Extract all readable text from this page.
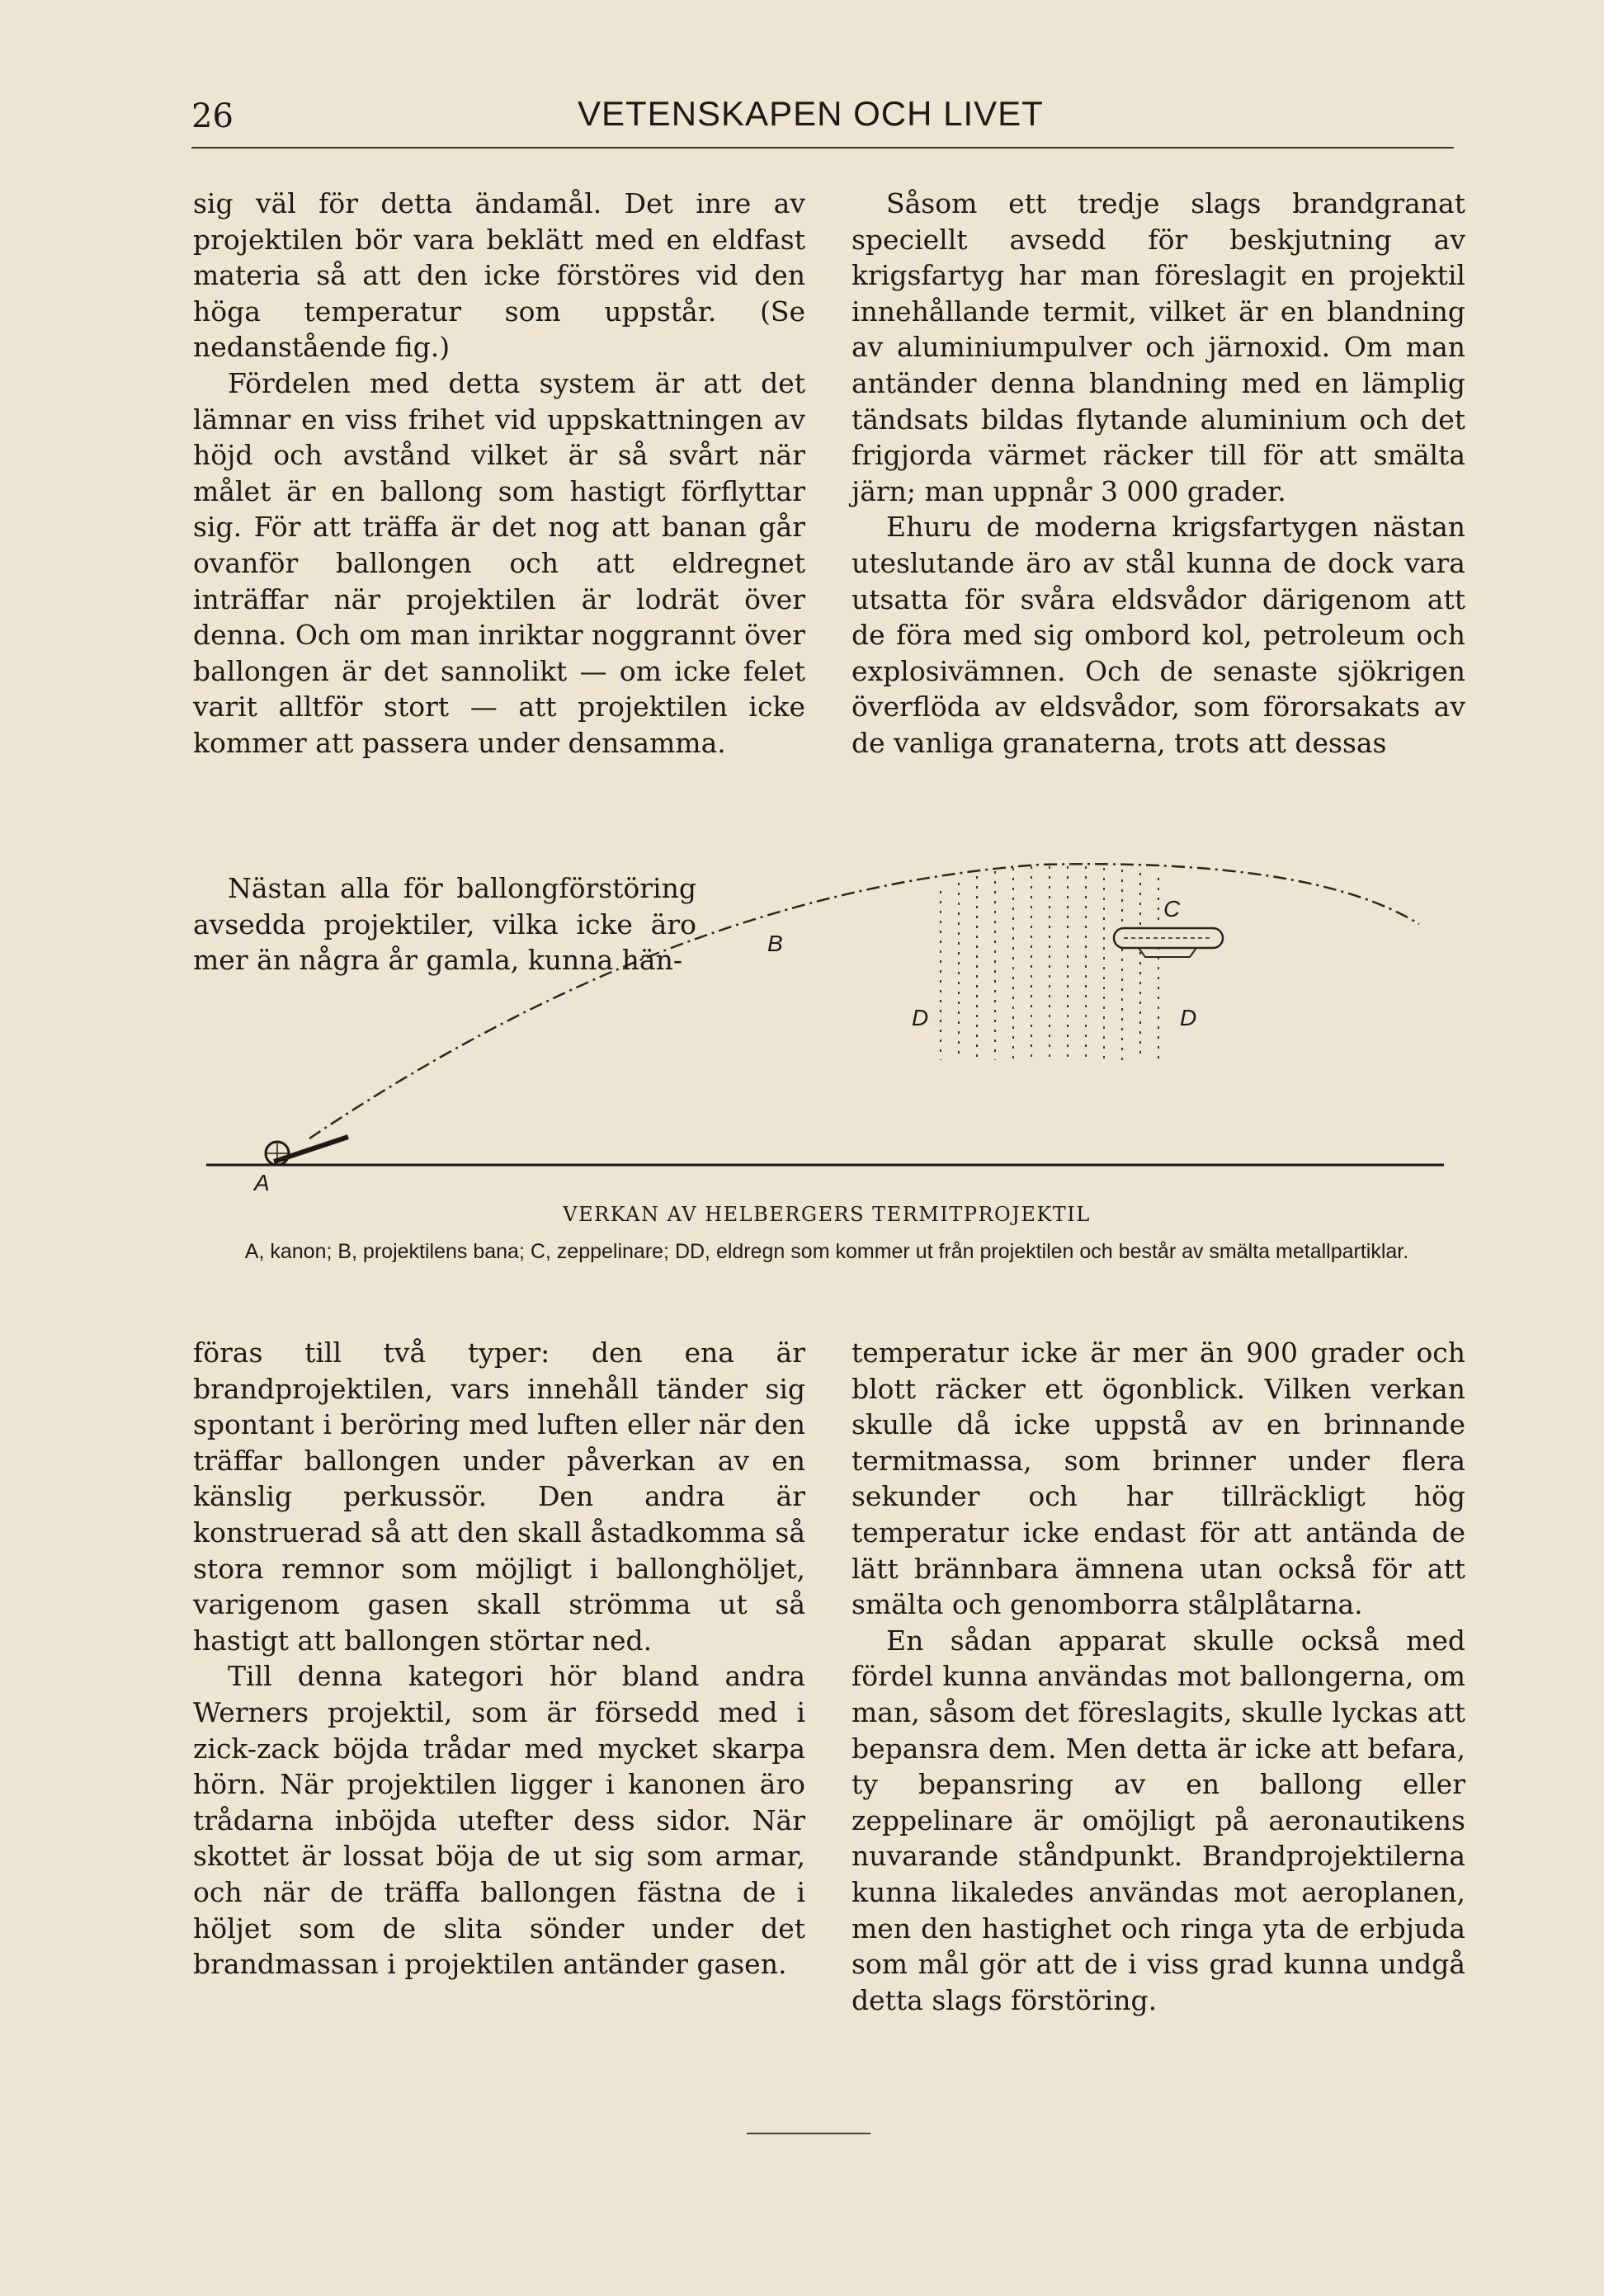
26	VETENSKAPEN OCH LIVET

sig väl för detta ändamål. Det inre av projektilen bör vara beklätt med en eldfast materia så att den icke förstöres vid den höga temperatur som uppstår. (Se nedanstående fig.)

Fördelen med detta system är att det lämnar en viss frihet vid uppskattningen av höjd och avstånd vilket är så svårt när målet är en ballong som hastigt förflyttar sig. För att träffa är det nog att banan går ovanför ballongen och att eldregnet inträffar när projektilen är lodrät över denna. Och om man inriktar noggrannt över ballongen är det sannolikt — om icke felet varit alltför stort — att projektilen icke kommer att passera under densamma.

Såsom ett tredje slags brandgranat speciellt avsedd för beskjutning av krigsfartyg har man föreslagit en projektil innehållande termit, vilket är en blandning av aluminiumpulver och järnoxid. Om man antänder denna blandning med en lämplig tändsats bildas flytande aluminium och det frigjorda värmet räcker till för att smälta järn; man uppnår 3 000 grader.

Ehuru de moderna krigsfartygen nästan uteslutande äro av stål kunna de dock vara utsatta för svåra eldsvådor därigenom att de föra med sig ombord kol, petroleum och explosivämnen. Och de senaste sjökrigen överflöda av eldsvådor, som förorsakats av de vanliga granaterna, trots att dessas

A
B
C
D	D

Nästan alla för ballongförstöring avsedda projektiler, vilka icke äro mer än några år gamla, kunna hän-

VERKAN AV HELBERGERS TERMITPROJEKTIL
A, kanon; B, projektilens bana; C, zeppelinare; DD, eldregn som kommer ut från projektilen och består av smälta metallpartiklar.

föras till två typer: den ena är brandprojektilen, vars innehåll tänder sig spontant i beröring med luften eller när den träffar ballongen under påverkan av en känslig perkussör. Den andra är konstruerad så att den skall åstadkomma så stora remnor som möjligt i ballonghöljet, varigenom gasen skall strömma ut så hastigt att ballongen störtar ned.

Till denna kategori hör bland andra Werners projektil, som är försedd med i zick-zack böjda trådar med mycket skarpa hörn. När projektilen ligger i kanonen äro trådarna inböjda utefter dess sidor. När skottet är lossat böja de ut sig som armar, och när de träffa ballongen fästna de i höljet som de slita sönder under det brandmassan i projektilen antänder gasen.

temperatur icke är mer än 900 grader och blott räcker ett ögonblick. Vilken verkan skulle då icke uppstå av en brinnande termitmassa, som brinner under flera sekunder och har tillräckligt hög temperatur icke endast för att antända de lätt brännbara ämnena utan också för att smälta och genomborra stålplåtarna.

En sådan apparat skulle också med fördel kunna användas mot ballongerna, om man, såsom det föreslagits, skulle lyckas att bepansra dem. Men detta är icke att befara, ty bepansring av en ballong eller zeppelinare är omöjligt på aeronautikens nuvarande ståndpunkt. Brandprojektilerna kunna likaledes användas mot aeroplanen, men den hastighet och ringa yta de erbjuda som mål gör att de i viss grad kunna undgå detta slags förstöring.
